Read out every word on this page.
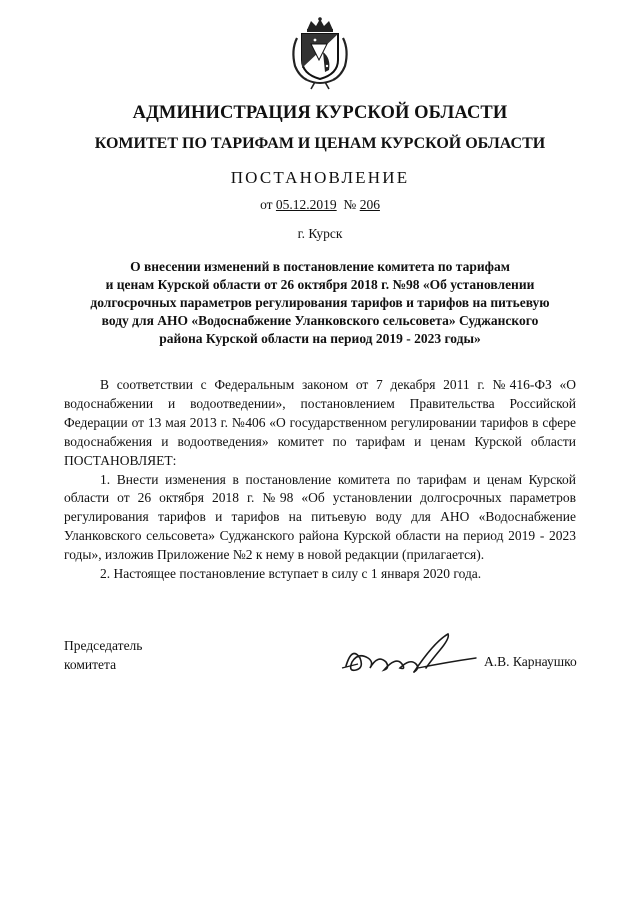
АДМИНИСТРАЦИЯ КУРСКОЙ ОБЛАСТИ
КОМИТЕТ ПО ТАРИФАМ И ЦЕНАМ КУРСКОЙ ОБЛАСТИ
ПОСТАНОВЛЕНИЕ
от 05.12.2019 № 206
г. Курск
О внесении изменений в постановление комитета по тарифам
и ценам Курской области от 26 октября 2018 г. №98 «Об установлении
долгосрочных параметров регулирования тарифов и тарифов на питьевую
воду для АНО «Водоснабжение Уланковского сельсовета» Суджанского
района Курской области на период 2019 - 2023 годы»

В соответствии с Федеральным законом от 7 декабря 2011 г. №416-ФЗ «О водоснабжении и водоотведении», постановлением Правительства Российской Федерации от 13 мая 2013 г. №406 «О государственном регулировании тарифов в сфере водоснабжения и водоотведения» комитет по тарифам и ценам Курской области ПОСТАНОВЛЯЕТ:

1. Внести изменения в постановление комитета по тарифам и ценам Курской области от 26 октября 2018 г. №98 «Об установлении долгосрочных параметров регулирования тарифов и тарифов на питьевую воду для АНО «Водоснабжение Уланковского сельсовета» Суджанского района Курской области на период 2019 - 2023 годы», изложив Приложение №2 к нему в новой редакции (прилагается).

2. Настоящее постановление вступает в силу с 1 января 2020 года.

Председатель
комитета	А.В. Карнаушко
